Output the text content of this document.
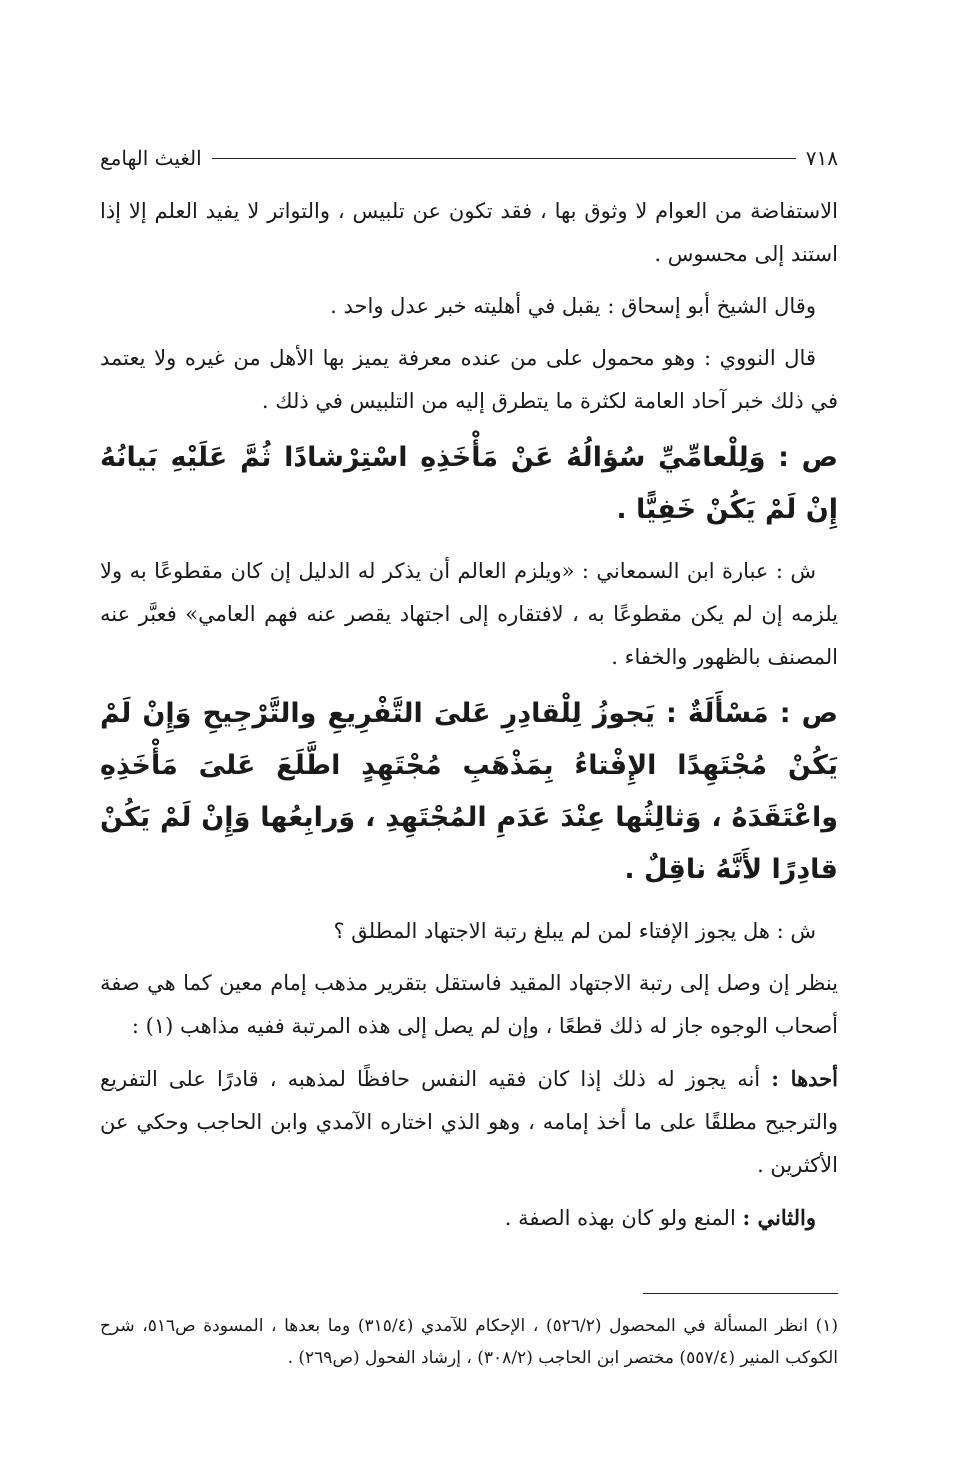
٧١٨
الغيث الهامع

الاستفاضة من العوام لا وثوق بها ، فقد تكون عن تلبيس ، والتواتر لا يفيد العلم إلا إذا استند إلى محسوس .

وقال الشيخ أبو إسحاق : يقبل في أهليته خبر عدل واحد .

قال النووي : وهو محمول على من عنده معرفة يميز بها الأهل من غيره ولا يعتمد في ذلك خبر آحاد العامة لكثرة ما يتطرق إليه من التلبيس في ذلك .

ص : وَلِلْعامِّيِّ سُؤالُهُ عَنْ مَأْخَذِهِ اسْتِرْشادًا ثُمَّ عَلَيْهِ بَيانُهُ إِنْ لَمْ يَكُنْ خَفِيًّا .

ش : عبارة ابن السمعاني : «ويلزم العالم أن يذكر له الدليل إن كان مقطوعًا به ولا يلزمه إن لم يكن مقطوعًا به ، لافتقاره إلى اجتهاد يقصر عنه فهم العامي» فعبَّر عنه المصنف بالظهور والخفاء .

ص : مَسْأَلَةٌ : يَجوزُ لِلْقادِرِ عَلىَ التَّفْرِيعِ والتَّرْجِيحِ وَإِنْ لَمْ يَكُنْ مُجْتَهِدًا الإِفْتاءُ بِمَذْهَبِ مُجْتَهِدٍ اطَّلَعَ عَلىَ مَأْخَذِهِ واعْتَقَدَهُ ، وَثالِثُها عِنْدَ عَدَمِ المُجْتَهِدِ ، وَرابِعُها وَإِنْ لَمْ يَكُنْ قادِرًا لأَنَّهُ ناقِلٌ .

ش : هل يجوز الإفتاء لمن لم يبلغ رتبة الاجتهاد المطلق ؟

ينظر إن وصل إلى رتبة الاجتهاد المقيد فاستقل بتقرير مذهب إمام معين كما هي صفة أصحاب الوجوه جاز له ذلك قطعًا ، وإن لم يصل إلى هذه المرتبة ففيه مذاهب (١) :

أحدها : أنه يجوز له ذلك إذا كان فقيه النفس حافظًا لمذهبه ، قادرًا على التفريع والترجيح مطلقًا على ما أخذ إمامه ، وهو الذي اختاره الآمدي وابن الحاجب وحكي عن الأكثرين .

والثاني : المنع ولو كان بهذه الصفة .

(١) انظر المسألة في المحصول (٥٢٦/٢) ، الإحكام للآمدي (٣١٥/٤) وما بعدها ، المسودة ص٥١٦، شرح الكوكب المنير (٥٥٧/٤) مختصر ابن الحاجب (٣٠٨/٢) ، إرشاد الفحول (ص٢٦٩) .
